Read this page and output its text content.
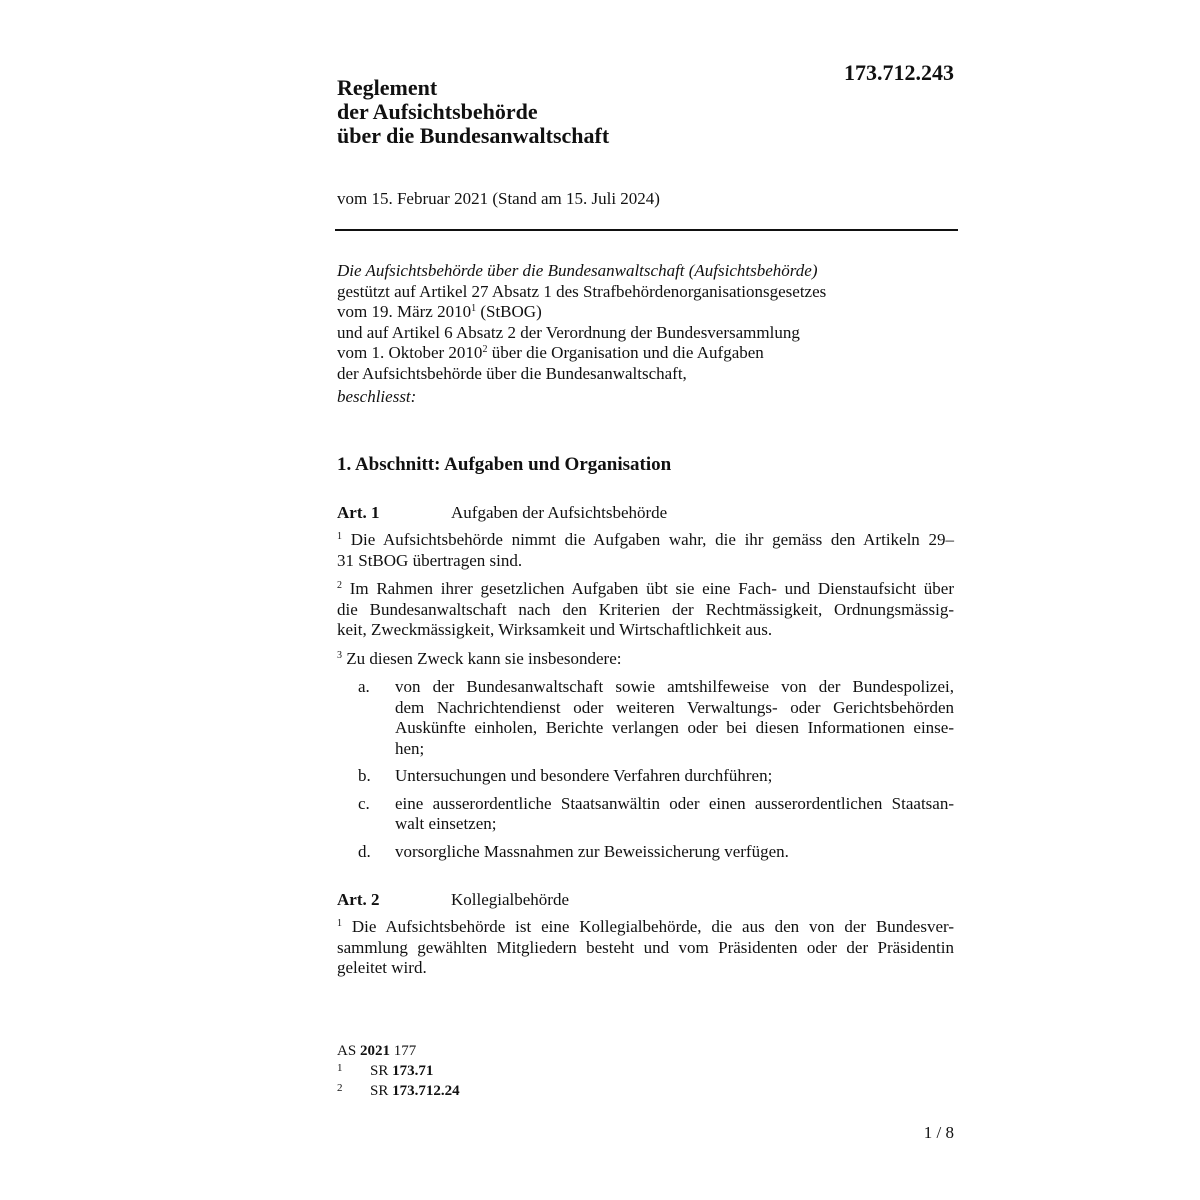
173.712.243
Reglement
der Aufsichtsbehörde
über die Bundesanwaltschaft
vom 15. Februar 2021 (Stand am 15. Juli 2024)
Die Aufsichtsbehörde über die Bundesanwaltschaft (Aufsichtsbehörde)
gestützt auf Artikel 27 Absatz 1 des Strafbehördenorganisationsgesetzes
vom 19. März 2010$^1$ (StBOG)
und auf Artikel 6 Absatz 2 der Verordnung der Bundesversammlung
vom 1. Oktober 2010$^2$ über die Organisation und die Aufgaben
der Aufsichtsbehörde über die Bundesanwaltschaft,
beschliesst:
1. Abschnitt: Aufgaben und Organisation
Art. 1	Aufgaben der Aufsichtsbehörde
$^1$ Die Aufsichtsbehörde nimmt die Aufgaben wahr, die ihr gemäss den Artikeln 29–
31 StBOG übertragen sind.
$^2$ Im Rahmen ihrer gesetzlichen Aufgaben übt sie eine Fach- und Dienstaufsicht über
die Bundesanwaltschaft nach den Kriterien der Rechtmässigkeit, Ordnungsmässig-
keit, Zweckmässigkeit, Wirksamkeit und Wirtschaftlichkeit aus.
$^3$ Zu diesen Zweck kann sie insbesondere:
a. von der Bundesanwaltschaft sowie amtshilfeweise von der Bundespolizei,
dem Nachrichtendienst oder weiteren Verwaltungs- oder Gerichtsbehörden
Auskünfte einholen, Berichte verlangen oder bei diesen Informationen einse-
hen;
b. Untersuchungen und besondere Verfahren durchführen;
c. eine ausserordentliche Staatsanwältin oder einen ausserordentlichen Staatsan-
walt einsetzen;
d. vorsorgliche Massnahmen zur Beweissicherung verfügen.
Art. 2	Kollegialbehörde
$^1$ Die Aufsichtsbehörde ist eine Kollegialbehörde, die aus den von der Bundesver-
sammlung gewählten Mitgliedern besteht und vom Präsidenten oder der Präsidentin
geleitet wird.
AS 2021 177
1 SR 173.71
2 SR 173.712.24
1 / 8
